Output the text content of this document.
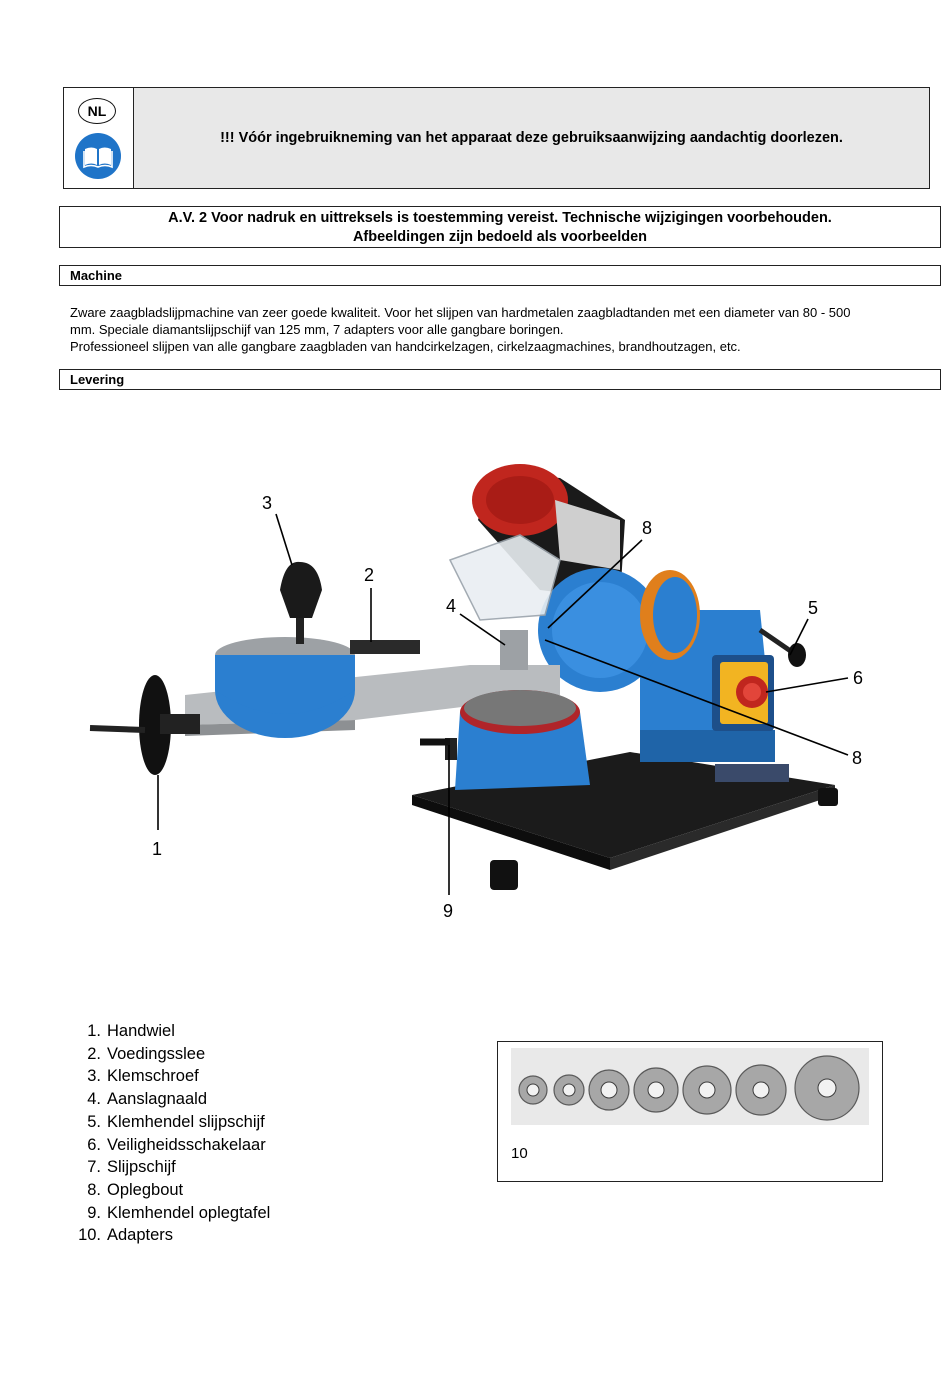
NL
!!! Vóór ingebruikneming van het apparaat deze gebruiksaanwijzing aandachtig doorlezen.
A.V. 2 Voor nadruk en uittreksels is toestemming vereist. Technische wijzigingen voorbehouden.
Afbeeldingen zijn bedoeld als voorbeelden
Machine
Zware zaagbladslijpmachine van zeer goede kwaliteit. Voor het slijpen van hardmetalen zaagbladtanden met een diameter van 80 - 500
mm. Speciale diamantslijpschijf van 125 mm, 7 adapters voor alle gangbare boringen.
Professioneel slijpen van alle gangbare zaagbladen van handcirkelzagen, cirkelzaagmachines, brandhoutzagen, etc.
Levering
3
2
4
8
5
6
8
1
9
1. Handwiel
2. Voedingsslee
3. Klemschroef
4. Aanslagnaald
5. Klemhendel slijpschijf
6. Veiligheidsschakelaar
7. Slijpschijf
8. Oplegbout
9. Klemhendel oplegtafel
10. Adapters
10
